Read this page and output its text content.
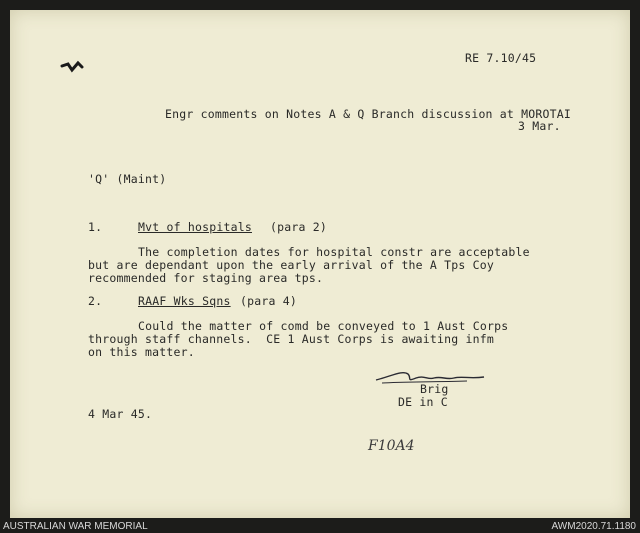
RE 7.10/45
Engr comments on Notes A & Q Branch discussion at MOROTAI
3 Mar.
'Q' (Maint)
1.	Mvt of hospitals (para 2)
The completion dates for hospital constr are acceptable
but are dependant upon the early arrival of the A Tps Coy
recommended for staging area tps.
2.	RAAF Wks Sqns (para 4)
Could the matter of comd be conveyed to 1 Aust Corps
through staff channels.  CE 1 Aust Corps is awaiting infm
on this matter.
Brig
DE in C
4 Mar 45.
F10A4
AUSTRALIAN WAR MEMORIAL	AWM2020.71.1180
